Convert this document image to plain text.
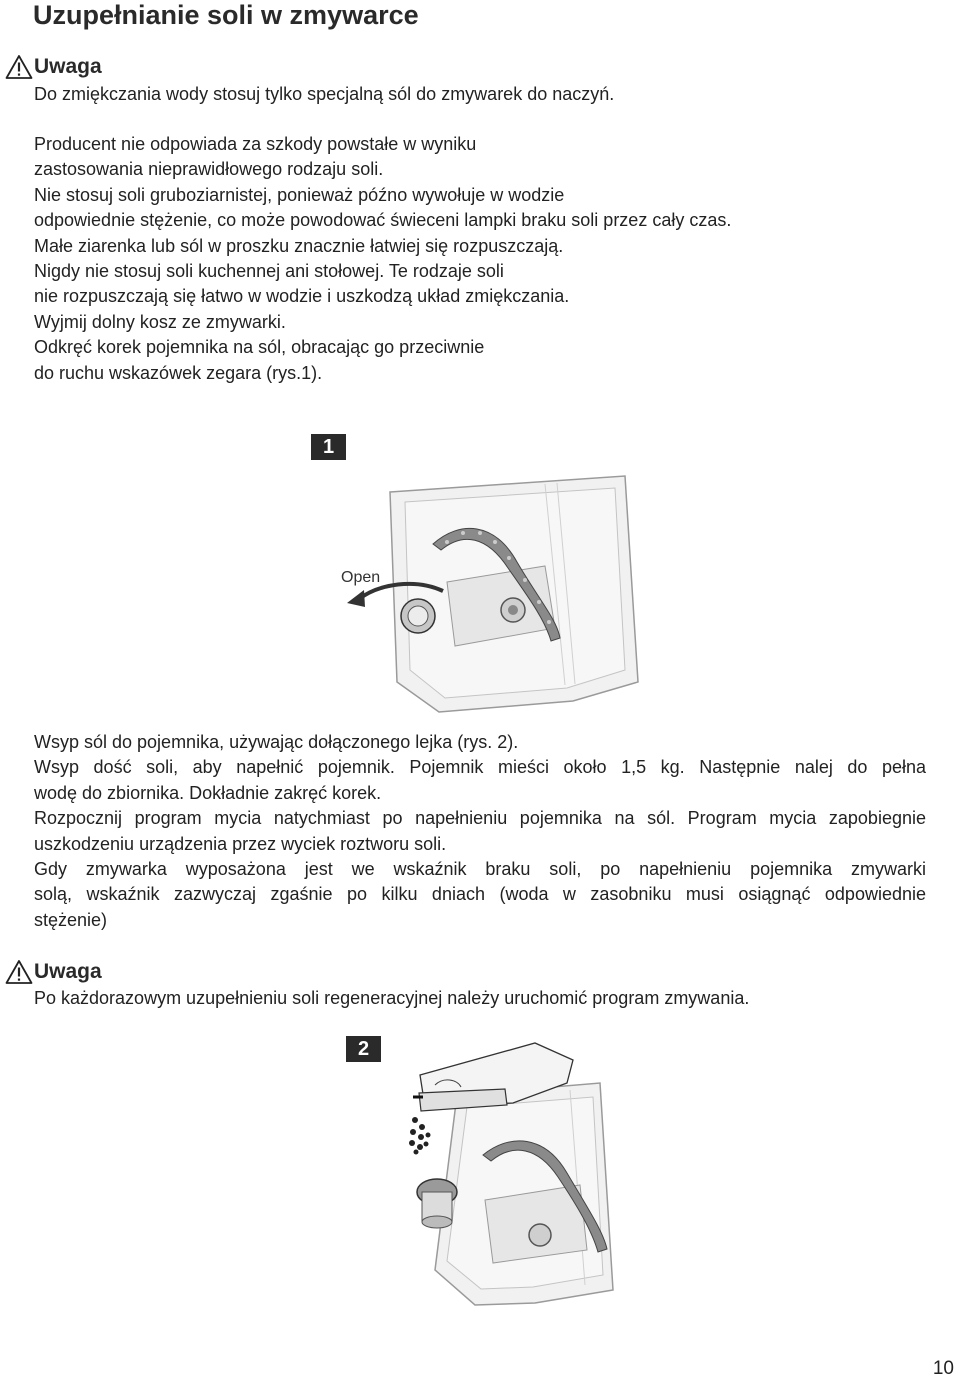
Uzupełnianie soli w zmywarce
Uwaga
Do zmiękczania wody stosuj tylko specjalną sól do zmywarek do naczyń.
Producent nie odpowiada za szkody powstałe w wyniku
zastosowania nieprawidłowego rodzaju soli.
Nie stosuj soli gruboziarnistej, ponieważ późno wywołuje w wodzie
odpowiednie stężenie, co może powodować świeceni lampki braku soli przez cały czas.
Małe ziarenka lub sól w proszku znacznie łatwiej się rozpuszczają.
Nigdy nie stosuj soli kuchennej ani stołowej. Te rodzaje soli
nie rozpuszczają się łatwo w wodzie i uszkodzą układ zmiękczania.
Wyjmij dolny kosz ze zmywarki.
Odkręć korek pojemnika na sól, obracając go przeciwnie
do ruchu wskazówek zegara (rys.1).
1
Open
Wsyp sól do pojemnika, używając dołączonego lejka (rys. 2).
Wsyp dość soli, aby napełnić pojemnik. Pojemnik mieści około 1,5 kg. Następnie nalej do pełna
wodę do zbiornika. Dokładnie zakręć korek.
Rozpocznij program mycia natychmiast po napełnieniu pojemnika na sól. Program mycia zapobiegnie
uszkodzeniu urządzenia przez wyciek roztworu soli.
Gdy zmywarka wyposażona jest we wskaźnik braku soli, po napełnieniu pojemnika zmywarki
solą, wskaźnik zazwyczaj zgaśnie po kilku dniach (woda w zasobniku musi osiągnąć odpowiednie
stężenie)
Uwaga
Po każdorazowym uzupełnieniu soli regeneracyjnej należy uruchomić program zmywania.
2
10
